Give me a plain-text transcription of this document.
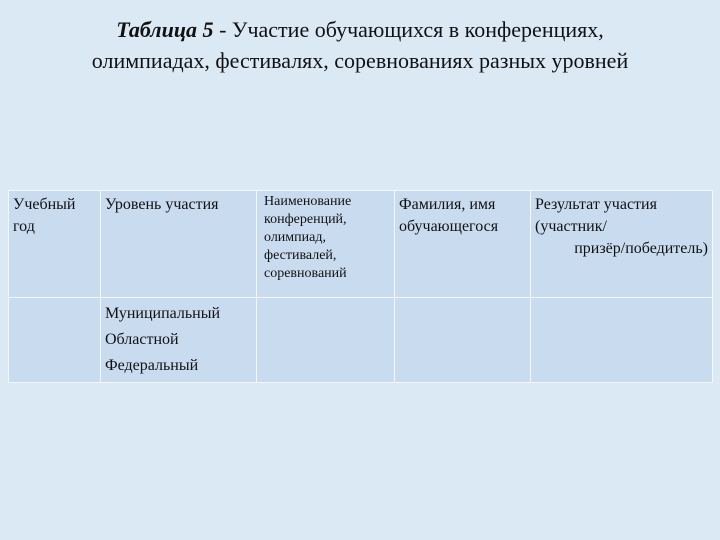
Таблица 5 - Участие обучающихся в конференциях,
олимпиадах, фестивалях, соревнованиях разных уровней
Учебный год	Уровень участия	Наименование конференций, олимпиад, фестивалей, соревнований	Фамилия, имя обучающегося	Результат участия
(участник/
призёр/победитель)

	Муниципальный
Областной
Федеральный			
